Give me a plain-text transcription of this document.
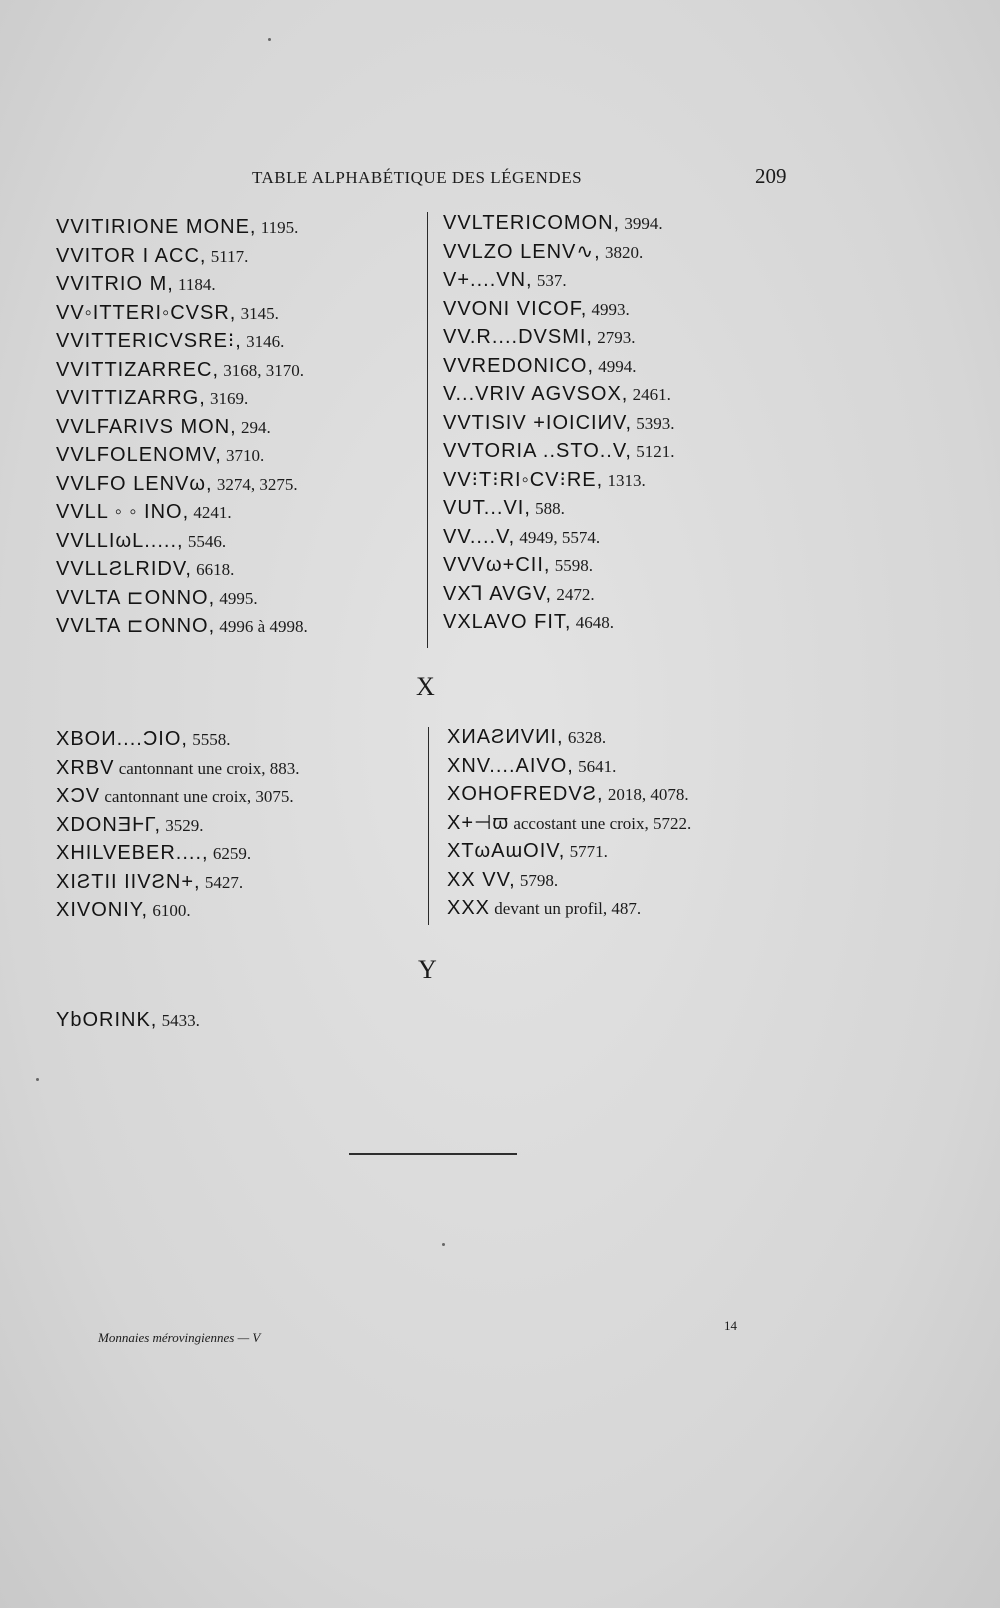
TABLE ALPHABÉTIQUE DES LÉGENDES	209
VVITIRIONE MONE, 1195.
VVITOR I ACC, 5117.
VVITRIO M, 1184.
VV◦ITTERI◦CVSR, 3145.
VVITTERICVSRE⁝, 3146.
VVITTIZARREC, 3168, 3170.
VVITTIZARRG, 3169.
VVLFARIVS MON, 294.
VVLFOLENOMV, 3710.
VVLFO LENVω, 3274, 3275.
VVLL ◦ ◦ INO, 4241.
VVLLIωL....., 5546.
VVLLƧLRIDV, 6618.
VVLTA ⊏ONNO, 4995.
VVLTA ⊏ONNO, 4996 à 4998.
VVLTERICOMON, 3994.
VVLZO LENV∿, 3820.
V+....VN, 537.
VVONI VICOF, 4993.
VV.R....DVSMI, 2793.
VVREDONICO, 4994.
V...VRIV AGVSOX, 2461.
VVTISIV +IOICIИV, 5393.
VVTORIA ..STO..V, 5121.
VV⁝T⁝RI◦CV⁝RE, 1313.
VUT...VI, 588.
VV....V, 4949, 5574.
VVVω+CII, 5598.
VX⅂ AVGV, 2472.
VXLAVO FIT, 4648.
X
XBOИ....ƆIO, 5558.
XRBV cantonnant une croix, 883.
XƆV cantonnant une croix, 3075.
XDONƎⱵΓ, 3529.
XHILVEBER...., 6259.
XIƧTII IIVƧN+, 5427.
XIVONIY, 6100.
XИAƧИVИI, 6328.
XNV....AIVO, 5641.
XOHOFREDVƧ, 2018, 4078.
X+⊣ϖ accostant une croix, 5722.
XTωAɯOIV, 5771.
XX VV, 5798.
XXX devant un profil, 487.
Y
YbORINK, 5433.
Monnaies mérovingiennes — V
14
